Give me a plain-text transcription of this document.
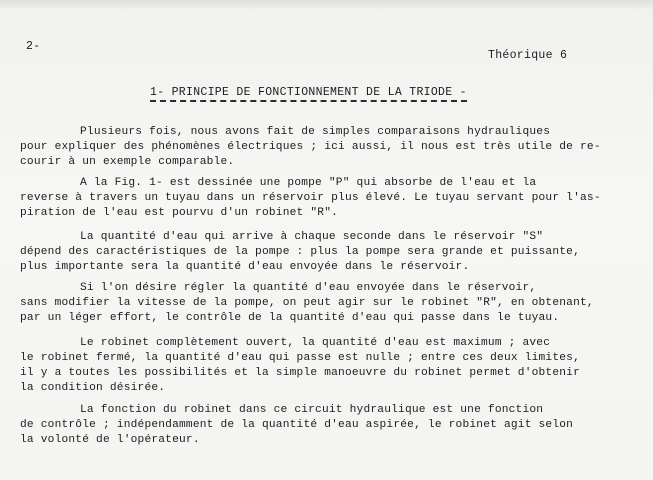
2-
Théorique 6
1- PRINCIPE DE FONCTIONNEMENT DE LA TRIODE -
Plusieurs fois, nous avons fait de simples comparaisons hydrauliques
pour expliquer des phénomènes électriques ; ici aussi, il nous est très utile de re-
courir à un exemple comparable.
A la Fig. 1- est dessinée une pompe "P" qui absorbe de l'eau et la
reverse à travers un tuyau dans un réservoir plus élevé. Le tuyau servant pour l'as-
piration de l'eau est pourvu d'un robinet "R".
La quantité d'eau qui arrive à chaque seconde dans le réservoir "S"
dépend des caractéristiques de la pompe : plus la pompe sera grande et puissante,
plus importante sera la quantité d'eau envoyée dans le réservoir.
Si l'on désire régler la quantité d'eau envoyée dans le réservoir,
sans modifier la vitesse de la pompe, on peut agir sur le robinet "R", en obtenant,
par un léger effort, le contrôle de la quantité d'eau qui passe dans le tuyau.
Le robinet complètement ouvert, la quantité d'eau est maximum ; avec
le robinet fermé, la quantité d'eau qui passe est nulle ; entre ces deux limites,
il y a toutes les possibilités et la simple manoeuvre du robinet permet d'obtenir
la condition désirée.
La fonction du robinet dans ce circuit hydraulique est une fonction
de contrôle ; indépendamment de la quantité d'eau aspirée, le robinet agit selon
la volonté de l'opérateur.
